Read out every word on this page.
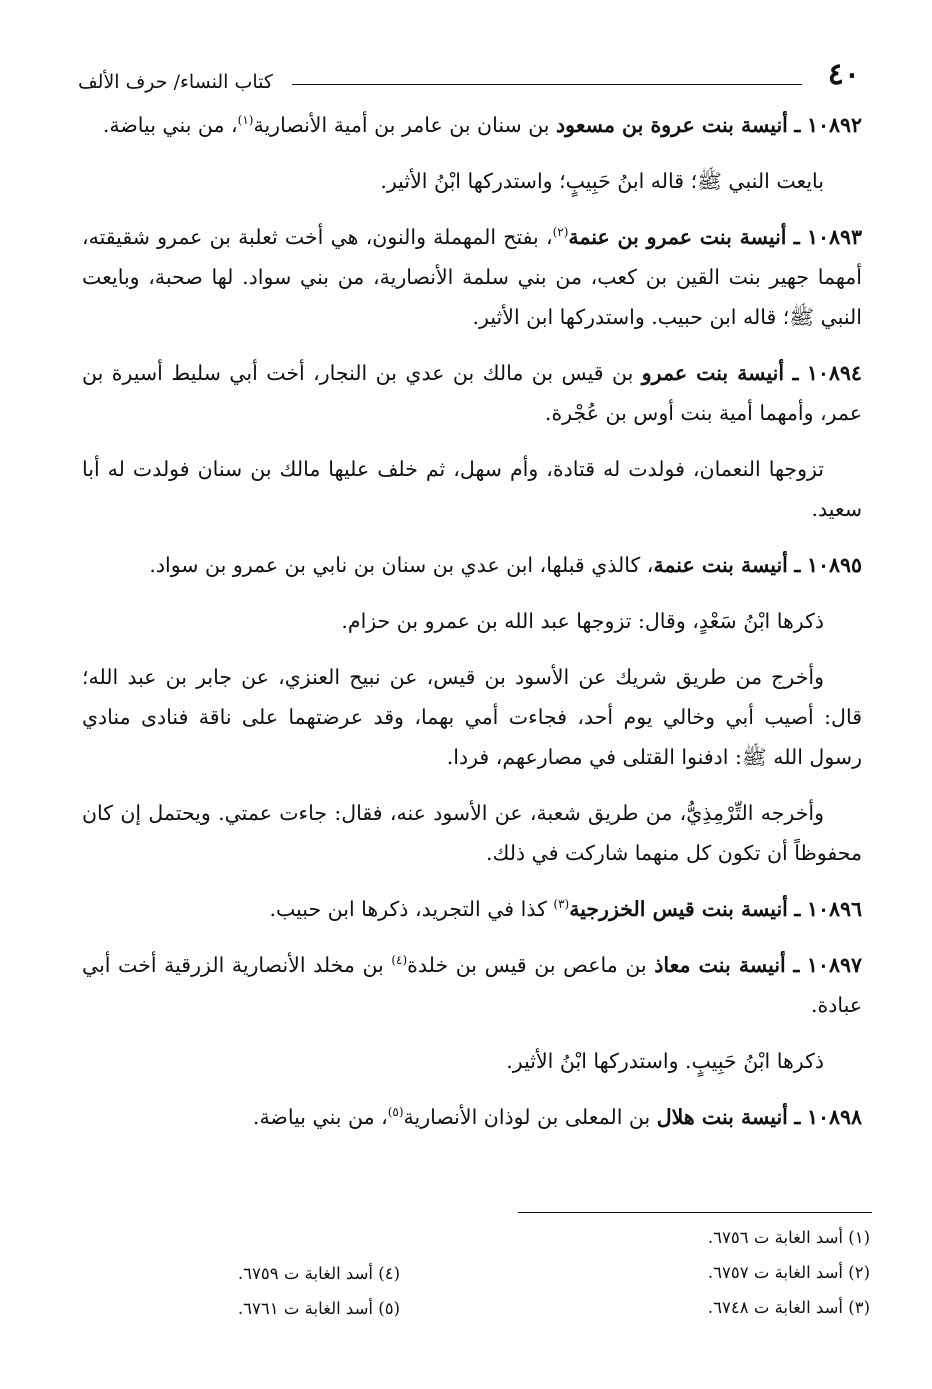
٤٠
كتاب النساء/ حرف الألف

١٠٨٩٢ ـ أنيسة بنت عروة بن مسعود بن سنان بن عامر بن أمية الأنصارية$^{(١)}$، من بني بياضة.

بايعت النبي ﷺ؛ قاله ابنُ حَبِيبٍ؛ واستدركها ابْنُ الأثير.

١٠٨٩٣ ـ أنيسة بنت عمرو بن عنمة$^{(٢)}$، بفتح المهملة والنون، هي أخت ثعلبة بن عمرو شقيقته، أمهما جهير بنت القين بن كعب، من بني سلمة الأنصارية، من بني سواد. لها صحبة، وبايعت النبي ﷺ؛ قاله ابن حبيب. واستدركها ابن الأثير.

١٠٨٩٤ ـ أنيسة بنت عمرو بن قيس بن مالك بن عدي بن النجار، أخت أبي سليط أسيرة بن عمر، وأمهما أمية بنت أوس بن عُجْرة.

تزوجها النعمان، فولدت له قتادة، وأم سهل، ثم خلف عليها مالك بن سنان فولدت له أبا سعيد.

١٠٨٩٥ ـ أنيسة بنت عنمة، كالذي قبلها، ابن عدي بن سنان بن نابي بن عمرو بن سواد.

ذكرها ابْنُ سَعْدٍ، وقال: تزوجها عبد الله بن عمرو بن حزام.

وأخرج من طريق شريك عن الأسود بن قيس، عن نبيح العنزي، عن جابر بن عبد الله؛ قال: أصيب أبي وخالي يوم أحد، فجاءت أمي بهما، وقد عرضتهما على ناقة فنادى منادي رسول الله ﷺ: ادفنوا القتلى في مصارعهم، فردا.

وأخرجه التِّرْمِذِيُّ، من طريق شعبة، عن الأسود عنه، فقال: جاءت عمتي. ويحتمل إن كان محفوظاً أن تكون كل منهما شاركت في ذلك.

١٠٨٩٦ ـ أنيسة بنت قيس الخزرجية$^{(٣)}$ كذا في التجريد، ذكرها ابن حبيب.

١٠٨٩٧ ـ أنيسة بنت معاذ بن ماعص بن قيس بن خلدة$^{(٤)}$ بن مخلد الأنصارية الزرقية أخت أبي عبادة.

ذكرها ابْنُ حَبِيبٍ. واستدركها ابْنُ الأثير.

١٠٨٩٨ ـ أنيسة بنت هلال بن المعلى بن لوذان الأنصارية$^{(٥)}$، من بني بياضة.

(١) أسد الغابة ت ٦٧٥٦.
(٢) أسد الغابة ت ٦٧٥٧.
(٣) أسد الغابة ت ٦٧٤٨.
(٤) أسد الغابة ت ٦٧٥٩.
(٥) أسد الغابة ت ٦٧٦١.
